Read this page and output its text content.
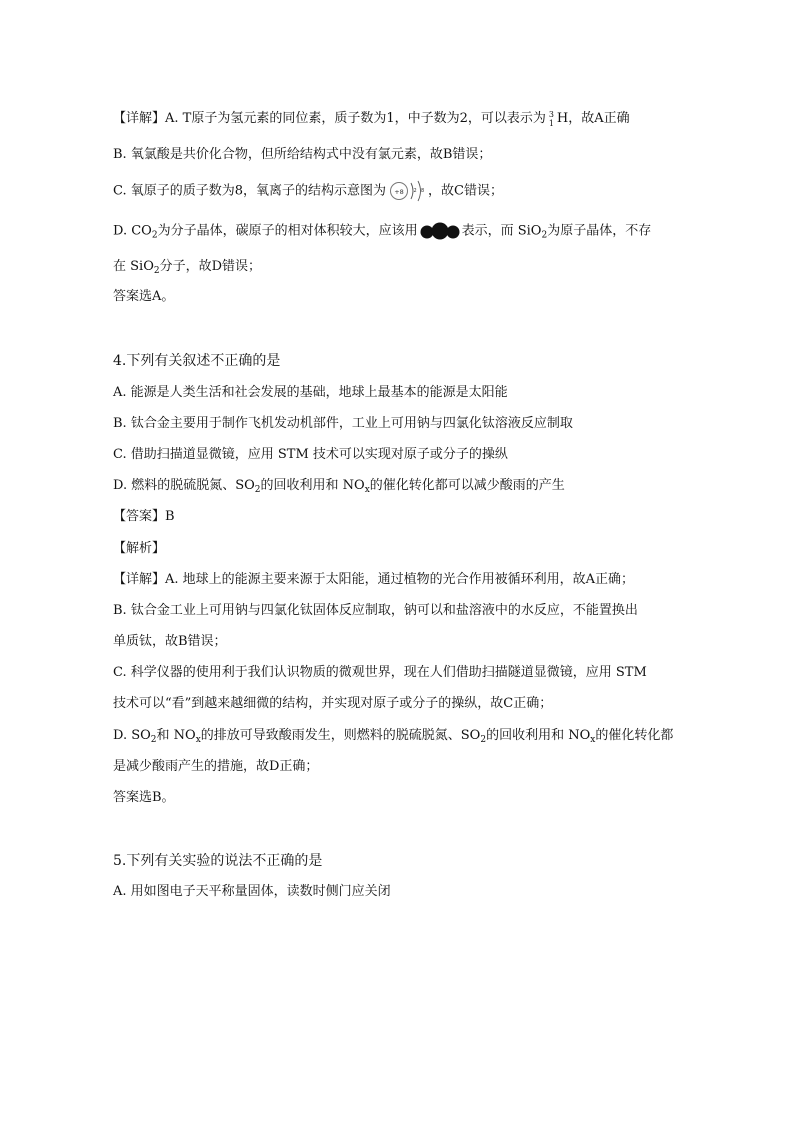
【详解】A. T原子为氢元素的同位素，质子数为1，中子数为2，可以表示为 3
1 H，故A正确
B. 氧氯酸是共价化合物，但所给结构式中没有氯元素，故B错误；
C. 氧原子的质子数为8，氧离子的结构示意图为 +8 2 8 ，故C错误；
D. $CO_2$为分子晶体，碳原子的相对体积较大，应该用	表示，而 SiO$_2$为原子晶体，不存
在 SiO$_2$分子，故D错误；
答案选A。
4.下列有关叙述不正确的是
A. 能源是人类生活和社会发展的基础，地球上最基本的能源是太阳能
B. 钛合金主要用于制作飞机发动机部件，工业上可用钠与四氯化钛溶液反应制取
C. 借助扫描道显微镜，应用 STM 技术可以实现对原子或分子的操纵
D. 燃料的脱硫脱氮、$SO_2$的回收利用和 $NO_x$的催化转化都可以减少酸雨的产生
【答案】B
【解析】
【详解】A. 地球上的能源主要来源于太阳能，通过植物的光合作用被循环利用，故A正确；
B. 钛合金工业上可用钠与四氯化钛固体反应制取，钠可以和盐溶液中的水反应，不能置换出
单质钛，故B错误；
C. 科学仪器的使用利于我们认识物质的微观世界，现在人们借助扫描隧道显微镜，应用 STM
技术可以“看”到越来越细微的结构，并实现对原子或分子的操纵，故C正确；
D. $SO_2$和 $NO_x$的排放可导致酸雨发生，则燃料的脱硫脱氮、$SO_2$的回收利用和 $NO_x$的催化转化都
是减少酸雨产生的措施，故D正确；
答案选B。
5.下列有关实验的说法不正确的是
A. 用如图电子天平称量固体，读数时侧门应关闭
